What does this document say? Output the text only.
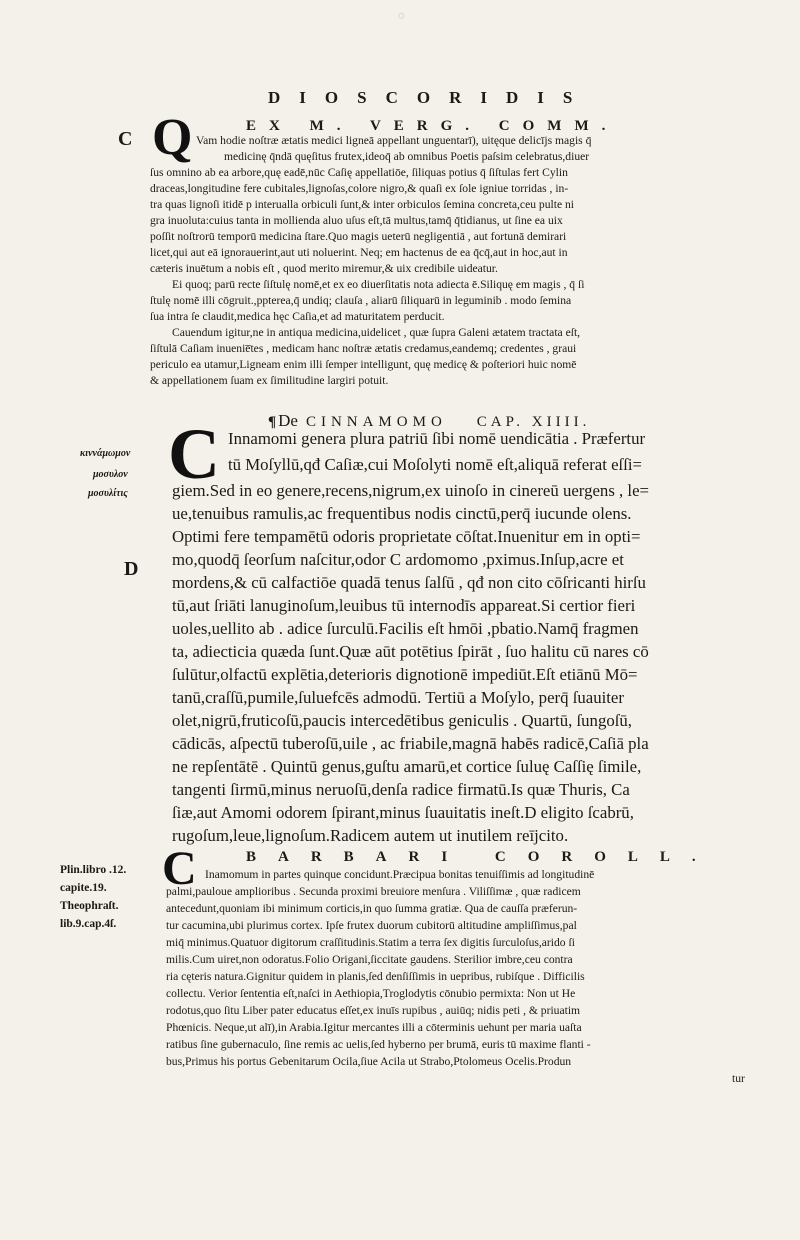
◌
DIOSCORIDIS
C
D
Q	EX M. VERG. COMM.
Vam hodie noſtræ ætatis medici ligneā appellant unguentarī), uitęque delicījs magis q̄
medicinę q̄ndā quęſitus frutex,ideoq̄ ab omnibus Poetis paſsim celebratus,diuer
ſus omnino ab ea arbore,quę eadē,nūc Caſię appellatiōe, ſiliquas potius q̄ ſiſtulas fert Cylin
draceas,longitudine fere cubitales,lignoſas,colore nigro,& quaſi ex ſole igniue torridas , in-
tra quas lignoſi itidē p interualla orbiculi ſunt,& inter orbiculos ſemina concreta,ceu pulte ni
gra inuoluta:cuius tanta in mollienda aluo uſus eſt,tā multus,tamq̄ q̄tidianus, ut ſine ea uix
poſſit noſtrorū temporū medicina ſtare.Quo magis ueterū negligentiā , aut fortunā demirari
licet,qui aut eā ignorauerint,aut uti noluerint. Neq; em hactenus de ea q̄cq̄,aut in hoc,aut in
cæteris inuētum a nobis eſt , quod merito miremur,& uix credibile uideatur.
Ei quoq; parū recte ſiſtulę nomē,et ex eo diuerſitatis nota adiecta ē.Siliquę em magis , q̄ ſi
ſtulę nomē illi cōgruit.,ppterea,q̄ undiq; clauſa , aliarū ſiliquarū in leguminib . modo ſemina
ſua intra ſe claudit,medica hęc Caſia,et ad maturitatem perducit.
Cauendum igitur,ne in antiqua medicina,uidelicet , quæ ſupra Galeni ætatem tractata eſt,
ſiſtulā Caſiam inuenie̅tes , medicam hanc noſtræ ætatis credamus,eandemq; credentes , graui
periculo ea utamur,Ligneam enim illi ſemper intelligunt, quę medicę & poſteriori huic nomē
& appellationem ſuam ex ſimilitudine largiri potuit.
¶ De CINNAMOMO CAP. XIIII.
κιννάμωμον
μοσυλον
μοσυλίτις C Innamomi genera plura patriū ſibi nomē uendicātia . Præfertur
tū Moſyllū,qđ Caſiæ,cui Moſolyti nomē eſt,aliquā referat eſſi=
giem.Sed in eo genere,recens,nigrum,ex uinoſo in cinereū uergens , le=
ue,tenuibus ramulis,ac frequentibus nodis cinctū,perq̄ iucunde olens.
Optimi fere tempamētū odoris proprietate cōſtat.Inuenitur em in opti=
mo,quodq̄ ſeorſum naſcitur,odor C ardomomo ,pximus.Inſup,acre et
mordens,& cū calfactiōe quadā tenus ſalſū , qđ non cito cōſricanti hirſu
tū,aut ſriāti lanuginoſum,leuibus tū internodīs appareat.Si certior fieri
uoles,uellito ab . adice ſurculū.Facilis eſt hmōi ,pbatio.Namq̄ fragmen
ta, adiecticia quæda ſunt.Quæ aūt potētius ſpirāt , ſuo halitu cū nares cō
ſulūtur,olfactū explētia,deterioris dignotionē impediūt.Eſt etiānū Mō=
tanū,craſſū,pumile,ſuluefcēs admodū. Tertiū a Moſylo, perq̄ ſuauiter
olet,nigrū,fruticoſū,paucis intercedētibus geniculis . Quartū, ſungoſū,
cādicās, aſpectū tuberoſū,uile , ac friabile,magnā habēs radicē,Caſiā pla
ne repſentātē . Quintū genus,guſtu amarū,et cortice ſuluę Caſſię ſimile,
tangenti ſirmū,minus neruoſū,denſa radice firmatū.Is quæ Thuris, Ca
ſiæ,aut Amomi odorem ſpirant,minus ſuauitatis ineſt.D eligito ſcabrū,
rugoſum,leue,lignoſum.Radicem autem ut inutilem reījcito.
Plin.libro .12.
capite.19.
Theophraſt.
lib.9.cap.4ſ.
C	BARBARI COROLL.
Inamomum in partes quinque concidunt.Præcipua bonitas tenuiſſimis ad longitudinē
palmi,pauloue amplioribus . Secunda proximi breuiore menſura . Viliſſimæ , quæ radicem
antecedunt,quoniam ibi minimum corticis,in quo ſumma gratiæ. Qua de cauſſa præferun-
tur cacumina,ubi plurimus cortex. Ipſe frutex duorum cubitorū altitudine ampliſſimus,pal
miq̄ minimus.Quatuor digitorum craſſitudinis.Statim a terra ſex digitis ſurculoſus,arido ſi
milis.Cum uiret,non odoratus.Folio Origani,ſiccitate gaudens. Sterilior imbre,ceu contra
ria cęteris natura.Gignitur quidem in planis,ſed denſiſſimis in uepribus, rubiſque . Difficilis
collectu. Verior ſententia eſt,naſci in Aethiopia,Troglodytis cōnubio permixta: Non ut He
rodotus,quo ſitu Liber pater educatus eſſet,ex inuīs rupibus , auiūq; nidis peti , & priuatim
Phœnicis. Neque,ut alī),in Arabia.Igitur mercantes illi a cōterminis uehunt per maria uaſta
ratibus ſine gubernaculo, ſine remis ac uelis,ſed hyberno per brumā, euris tū maxime flanti -
bus,Primus his portus Gebenitarum Ocila,ſiue Acila ut Strabo,Ptolomeus Ocelis.Produn
tur
